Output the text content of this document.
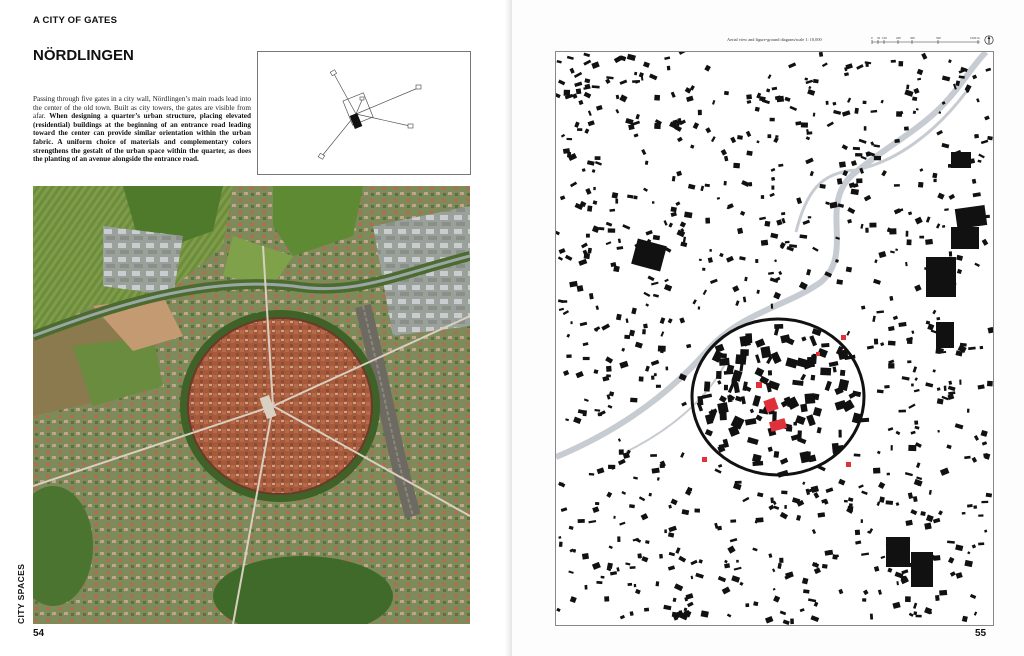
A CITY OF GATES
NÖRDLINGEN
Passing through five gates in a city wall, Nördlingen’s main roads lead into the center of the old town. Built as city towers, the gates are visible from afar. When designing a quarter’s urban structure, placing elevated (residential) buildings at the beginning of an entrance road leading toward the center can provide similar orientation within the urban fabric. A uniform choice of materials and complementary colors strengthens the gestalt of the urban space within the quarter, as does the planting of an avenue alongside the entrance road.
CITY SPACES
54
Aerial view and figure-ground diagram/scale 1: 10,000	0 50 100	200	300	500	1000 m
55
